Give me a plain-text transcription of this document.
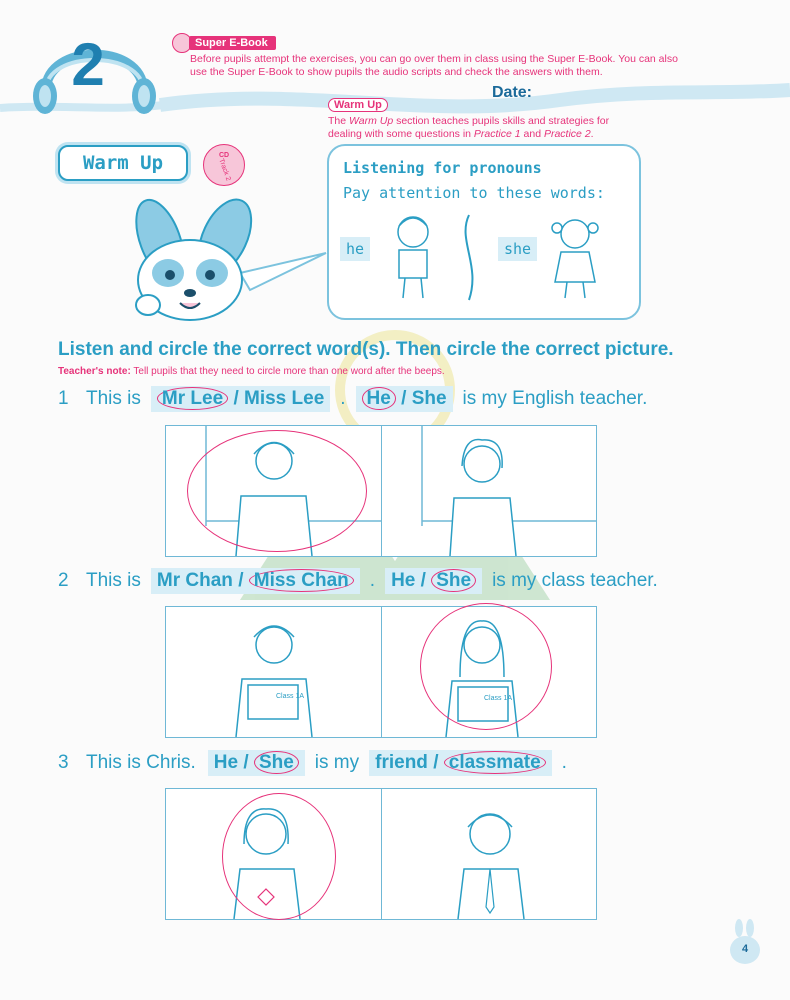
2	Super E-Book
Before pupils attempt the exercises, you can go over them in class using the Super E-Book. You can also
use the Super E-Book to show pupils the audio scripts and check the answers with them.
Date:
Warm Up
The Warm Up section teaches pupils skills and strategies for
dealing with some questions in Practice 1 and Practice 2.
Warm Up	CD
Track 2	Listening for pronouns
Pay attention to these words:
he	she
Listen and circle the correct word(s). Then circle the correct picture.
Teacher's note: Tell pupils that they need to circle more than one word after the beeps.
1 This is	Mr Lee / Miss Lee .	He / She is my English teacher.
2 This is Mr Chan / Miss Chan	. He / She	is my class teacher.
Class 1A	Class 1A
3 This is Chris. He / She	is my friend / classmate	.
4
